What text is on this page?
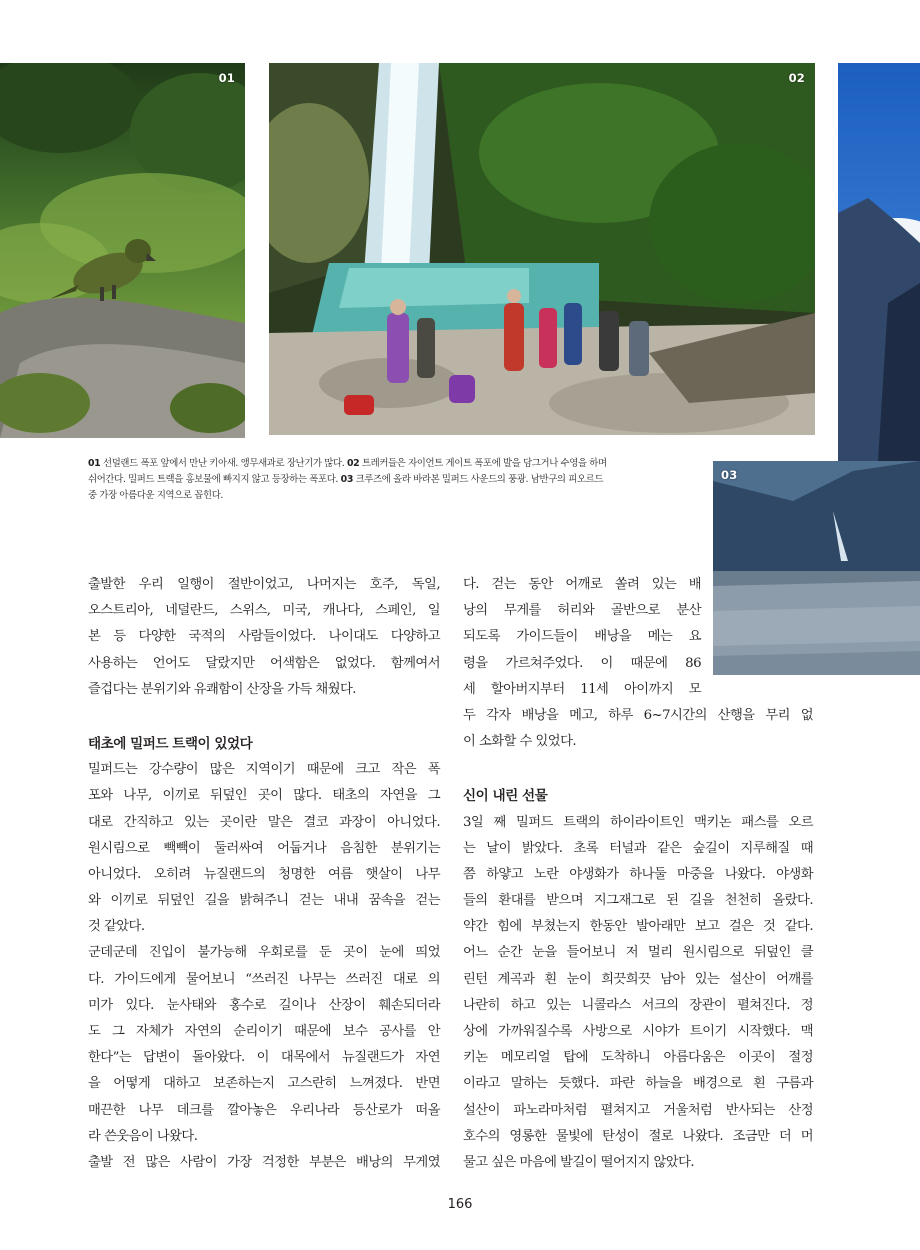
01	02
03
01 선덜랜드 폭포 앞에서 만난 키아새. 앵무새과로 장난기가 많다. 02 트레커들은 자이언트 게이트 폭포에 발을 담그거나 수영을 하며
쉬어간다. 밀퍼드 트랙을 홍보물에 빠지지 않고 등장하는 폭포다. 03 크루즈에 올라 바라본 밀퍼드 사운드의 풍광. 남반구의 피오르드
중 가장 아름다운 지역으로 꼽힌다.
출발한 우리 일행이 절반이었고, 나머지는 호주, 독일,
오스트리아, 네덜란드, 스위스, 미국, 캐나다, 스페인, 일
본 등 다양한 국적의 사람들이었다. 나이대도 다양하고
사용하는 언어도 달랐지만 어색함은 없었다. 함께여서
즐겁다는 분위기와 유쾌함이 산장을 가득 채웠다.
태초에 밀퍼드 트랙이 있었다
밀퍼드는 강수량이 많은 지역이기 때문에 크고 작은 폭
포와 나무, 이끼로 뒤덮인 곳이 많다. 태초의 자연을 그
대로 간직하고 있는 곳이란 말은 결코 과장이 아니었다.
원시림으로 빽빽이 둘러싸여 어둡거나 음침한 분위기는
아니었다. 오히려 뉴질랜드의 청명한 여름 햇살이 나무
와 이끼로 뒤덮인 길을 밝혀주니 걷는 내내 꿈속을 걷는
것 같았다.
군데군데 진입이 불가능해 우회로를 둔 곳이 눈에 띄었
다. 가이드에게 물어보니 “쓰러진 나무는 쓰러진 대로 의
미가 있다. 눈사태와 홍수로 길이나 산장이 훼손되더라
도 그 자체가 자연의 순리이기 때문에 보수 공사를 안
한다”는 답변이 돌아왔다. 이 대목에서 뉴질랜드가 자연
을 어떻게 대하고 보존하는지 고스란히 느껴졌다. 반면
매끈한 나무 데크를 깔아놓은 우리나라 등산로가 떠올
라 쓴웃음이 나왔다.
출발 전 많은 사람이 가장 걱정한 부분은 배낭의 무게였
다. 걷는 동안 어깨로 쏠려 있는 배
낭의 무게를 허리와 골반으로 분산
되도록 가이드들이 배낭을 메는 요
령을 가르쳐주었다. 이 때문에 86
세 할아버지부터 11세 아이까지 모
두 각자 배낭을 메고, 하루 6~7시간의 산행을 무리 없
이 소화할 수 있었다.
신이 내린 선물
3일 째 밀퍼드 트랙의 하이라이트인 맥키논 패스를 오르
는 날이 밝았다. 초록 터널과 같은 숲길이 지루해질 때
쯤 하얗고 노란 야생화가 하나둘 마중을 나왔다. 야생화
들의 환대를 받으며 지그재그로 된 길을 천천히 올랐다.
약간 힘에 부쳤는지 한동안 발아래만 보고 걸은 것 같다.
어느 순간 눈을 들어보니 저 멀리 원시림으로 뒤덮인 클
린턴 계곡과 흰 눈이 희끗희끗 남아 있는 설산이 어깨를
나란히 하고 있는 니콜라스 서크의 장관이 펼쳐진다. 정
상에 가까워질수록 사방으로 시야가 트이기 시작했다. 맥
키논 메모리얼 탑에 도착하니 아름다움은 이곳이 절정
이라고 말하는 듯했다. 파란 하늘을 배경으로 흰 구름과
설산이 파노라마처럼 펼쳐지고 거울처럼 반사되는 산정
호수의 영롱한 물빛에 탄성이 절로 나왔다. 조금만 더 머
물고 싶은 마음에 발길이 떨어지지 않았다.
166
